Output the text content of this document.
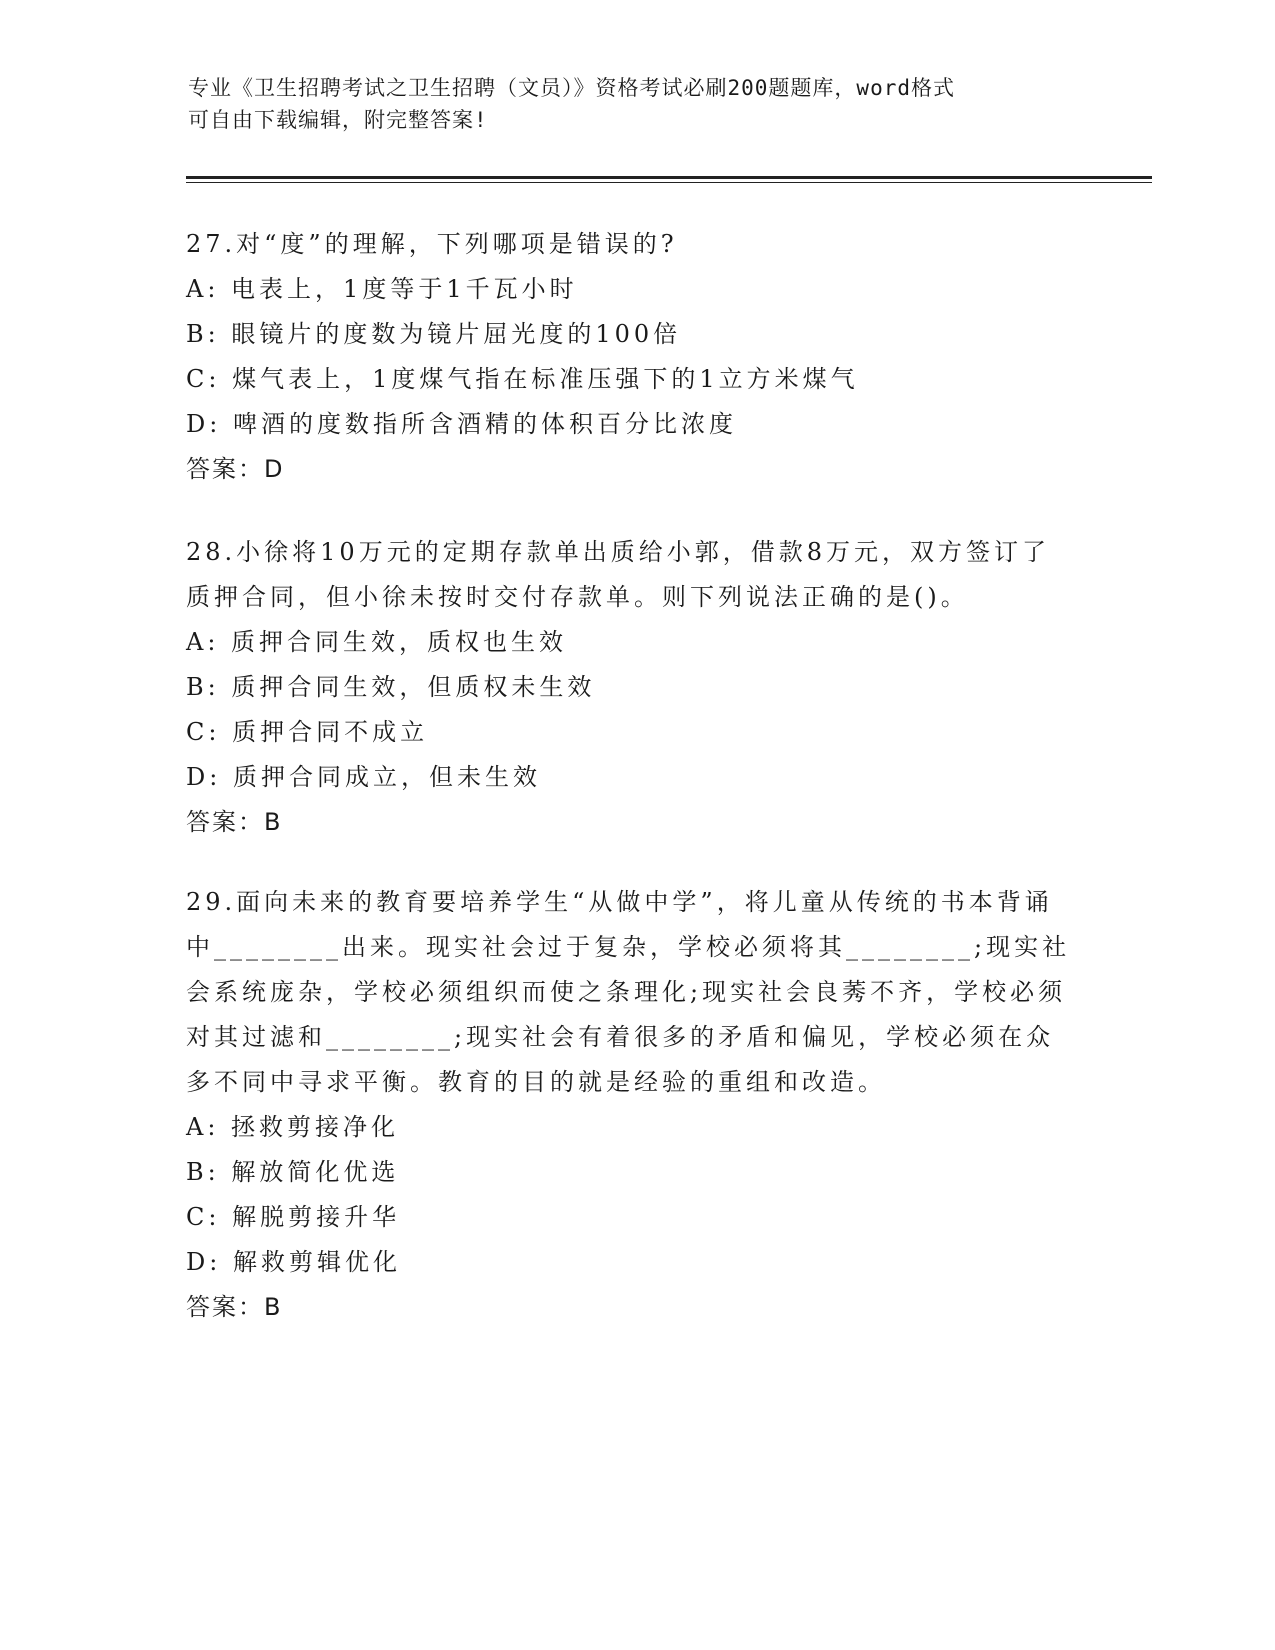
专业《卫生招聘考试之卫生招聘（文员）》资格考试必刷200题题库，word格式
可自由下载编辑，附完整答案!

27.对“度”的理解，下列哪项是错误的?

A: 电表上，1度等于1千瓦小时
B: 眼镜片的度数为镜片屈光度的100倍
C: 煤气表上，1度煤气指在标准压强下的1立方米煤气
D: 啤酒的度数指所含酒精的体积百分比浓度
答案：D

28.小徐将10万元的定期存款单出质给小郭，借款8万元，双方签订了质押合同，但小徐未按时交付存款单。则下列说法正确的是()。

A: 质押合同生效，质权也生效
B: 质押合同生效，但质权未生效
C: 质押合同不成立
D: 质押合同成立，但未生效
答案：B

29.面向未来的教育要培养学生“从做中学”，将儿童从传统的书本背诵中________出来。现实社会过于复杂，学校必须将其________;现实社会系统庞杂，学校必须组织而使之条理化;现实社会良莠不齐，学校必须对其过滤和________;现实社会有着很多的矛盾和偏见，学校必须在众多不同中寻求平衡。教育的目的就是经验的重组和改造。

A: 拯救剪接净化
B: 解放简化优选
C: 解脱剪接升华
D: 解救剪辑优化
答案：B
